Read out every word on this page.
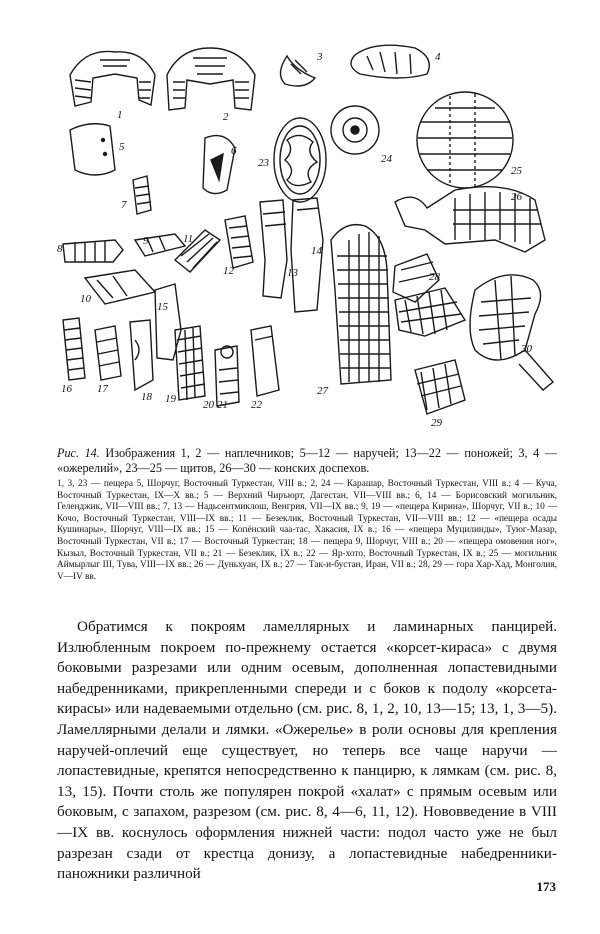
1	2
3	4
5	6
7
8
9
10
11
12	13
14
15
16 17
18 19 20 21 22
23	24
25
26
27
28
29
30

Рис. 14. Изображения 1, 2 — наплечников; 5—12 — наручей; 13—22 — поножей; 3, 4 — «ожерелий», 23—25 — щитов, 26—30 — конских доспехов.

1, 3, 23 — пещера 5, Шорчуг, Восточный Туркестан, VIII в.; 2, 24 — Карашар, Восточный Туркестан, VIII в.; 4 — Куча, Восточный Туркестан, IX—X вв.; 5 — Верхний Чиръюрт, Дагестан, VII—VIII вв.; 6, 14 — Борисовский могильник, Геленджик, VII—VIII вв.; 7, 13 — Надьсентмиклош, Венгрия, VII—IX вв.; 9, 19 — «пещера Кирина», Шорчуг, VII в.; 10 — Кочо, Восточный Туркестан, VIII—IX вв.; 11 — Безеклик, Восточный Туркестан, VII—VIII вв.; 12 — «пещера осады Кушинары», Шорчуг, VIII—IX вв.; 15 — Копёнский чаа-тас, Хакасия, IX в.; 16 — «пещера Муцилинды», Туюг-Мазар, Восточный Туркестан, VII в.; 17 — Восточный Туркестан; 18 — пещера 9, Шорчуг, VIII в.; 20 — «пещера омовения ног», Кызыл, Восточный Туркестан, VII в.; 21 — Безеклик, IX в.; 22 — Яр-хото, Восточный Туркестан, IX в.; 25 — могильник Аймырлыг III, Тува, VIII—IX вв.; 26 — Дуньхуан, IX в.; 27 — Так-и-бустан, Иран, VII в.; 28, 29 — гора Хар-Хад, Монголия, V—IV вв.

Обратимся к покроям ламеллярных и ламинарных панцирей. Излюбленным покроем по-прежнему остается «корсет-кираса» с двумя боковыми разрезами или одним осевым, дополненная лопастевидными набедренниками, прикрепленными спереди и с боков к подолу «корсета-кирасы» или надеваемыми отдельно (см. рис. 8, 1, 2, 10, 13—15; 13, 1, 3—5). Ламеллярными делали и лямки. «Ожерелье» в роли основы для крепления наручей-оплечий еще существует, но теперь все чаще наручи — лопастевидные, крепятся непосредственно к панцирю, к лямкам (см. рис. 8, 13, 15). Почти столь же популярен покрой «халат» с прямым осевым или боковым, с запахом, разрезом (см. рис. 8, 4—6, 11, 12). Нововведение в VIII—IX вв. коснулось оформления нижней части: подол часто уже не был разрезан сзади от крестца донизу, а лопастевидные набедренники-паножники различной

173
